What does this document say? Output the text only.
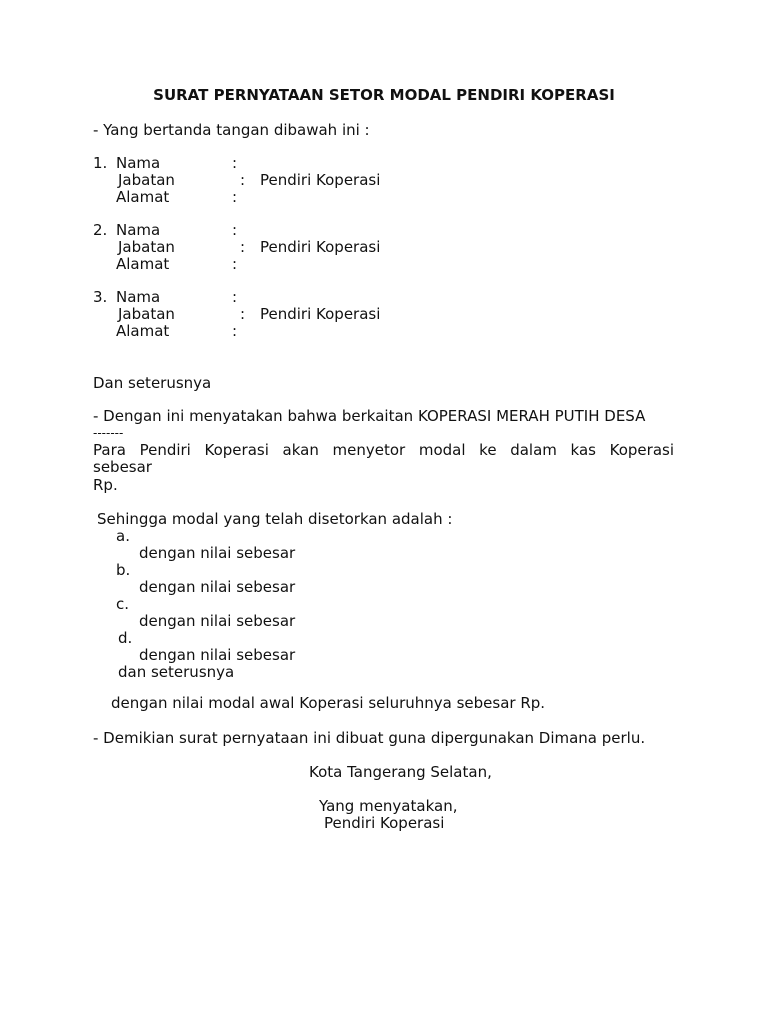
SURAT PERNYATAAN SETOR MODAL PENDIRI KOPERASI
- Yang bertanda tangan dibawah ini :
1. Nama	:
Jabatan	: Pendiri Koperasi
Alamat	:
2. Nama	:
Jabatan	: Pendiri Koperasi
Alamat	:
3. Nama	:
Jabatan	: Pendiri Koperasi
Alamat	:
Dan seterusnya
- Dengan ini menyatakan bahwa berkaitan KOPERASI MERAH PUTIH DESA
-------
Para Pendiri Koperasi akan menyetor modal ke dalam kas Koperasi
sebesar
Rp.
Sehingga modal yang telah disetorkan adalah :
a.
dengan nilai sebesar
b.
dengan nilai sebesar
c.
dengan nilai sebesar
d.
dengan nilai sebesar
dan seterusnya
dengan nilai modal awal Koperasi seluruhnya sebesar Rp.
- Demikian surat pernyataan ini dibuat guna dipergunakan Dimana perlu.
Kota Tangerang Selatan,
Yang menyatakan,
Pendiri Koperasi
